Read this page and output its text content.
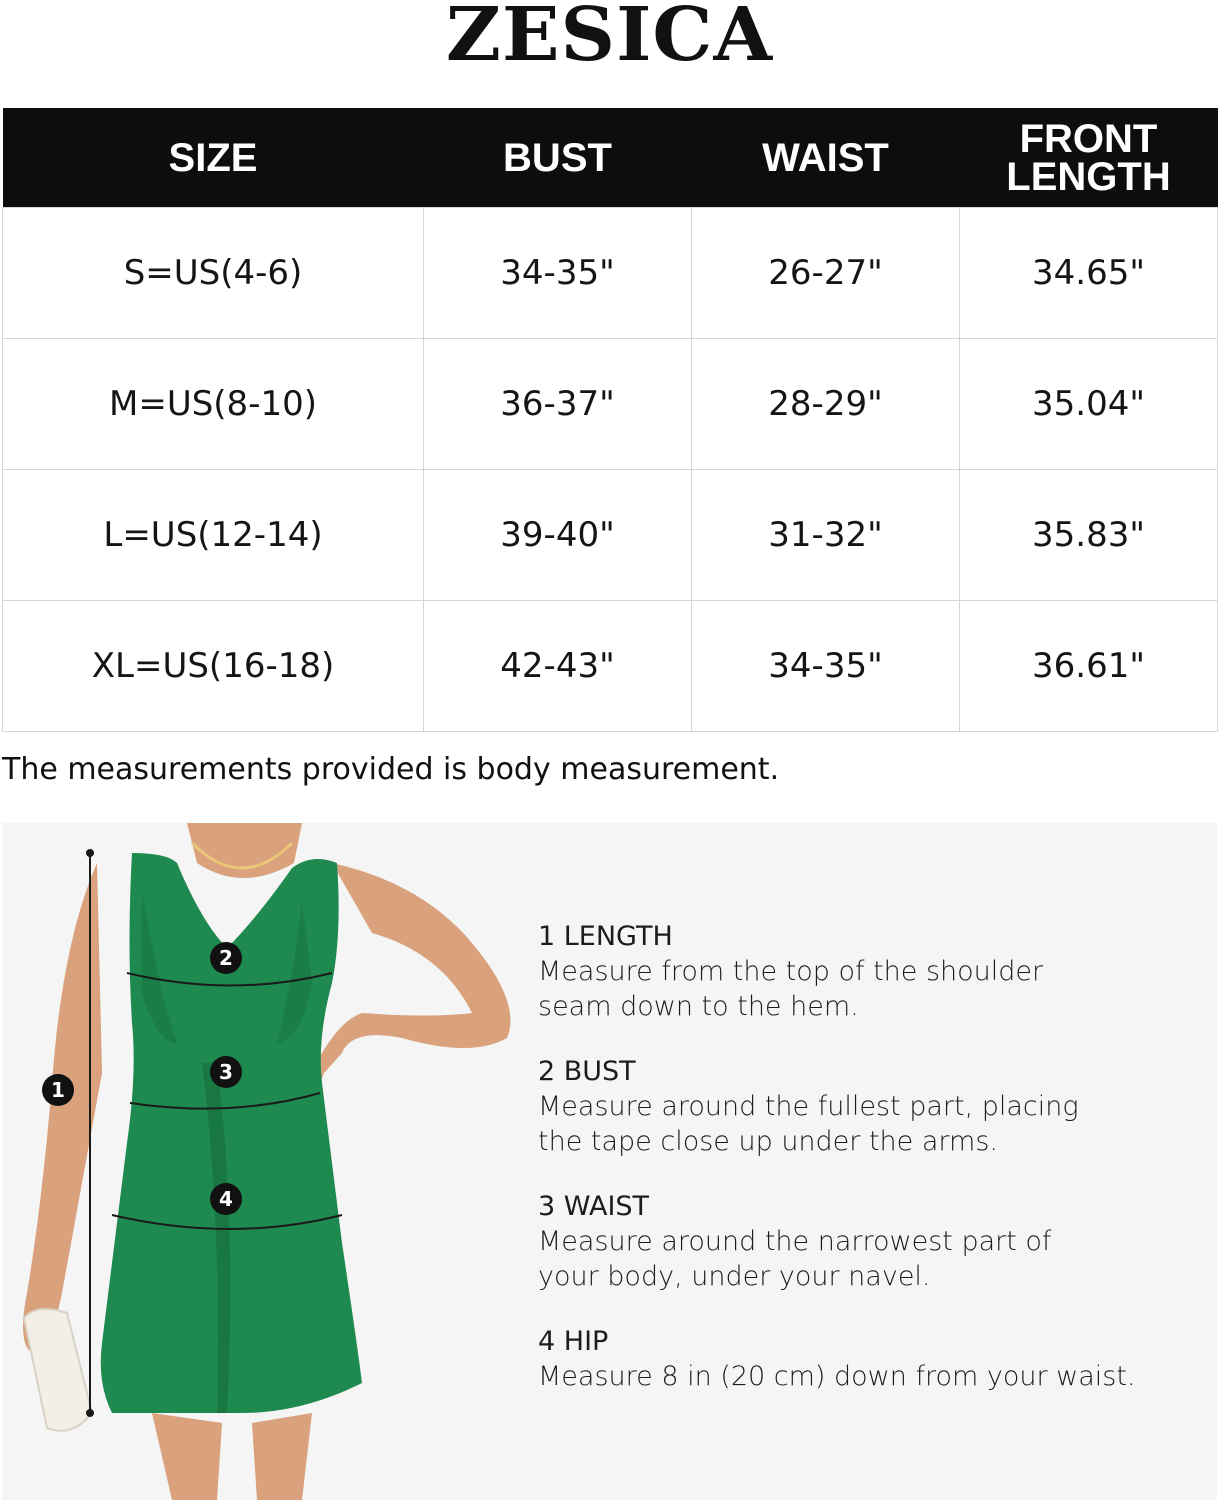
ZESICA
SIZE	BUST	WAIST	FRONT LENGTH
S=US(4-6)	34-35"	26-27"	34.65"
M=US(8-10)	36-37"	28-29"	35.04"
L=US(12-14)	39-40"	31-32"	35.83"
XL=US(16-18)	42-43"	34-35"	36.61"
The measurements provided is body measurement.
1
2
3
4
1 LENGTH
Measure from the top of the shoulder seam down to the hem.
2 BUST
Measure around the fullest part, placing the tape close up under the arms.
3 WAIST
Measure around the narrowest part of your body, under your navel.
4 HIP
Measure 8 in (20 cm) down from your waist.
